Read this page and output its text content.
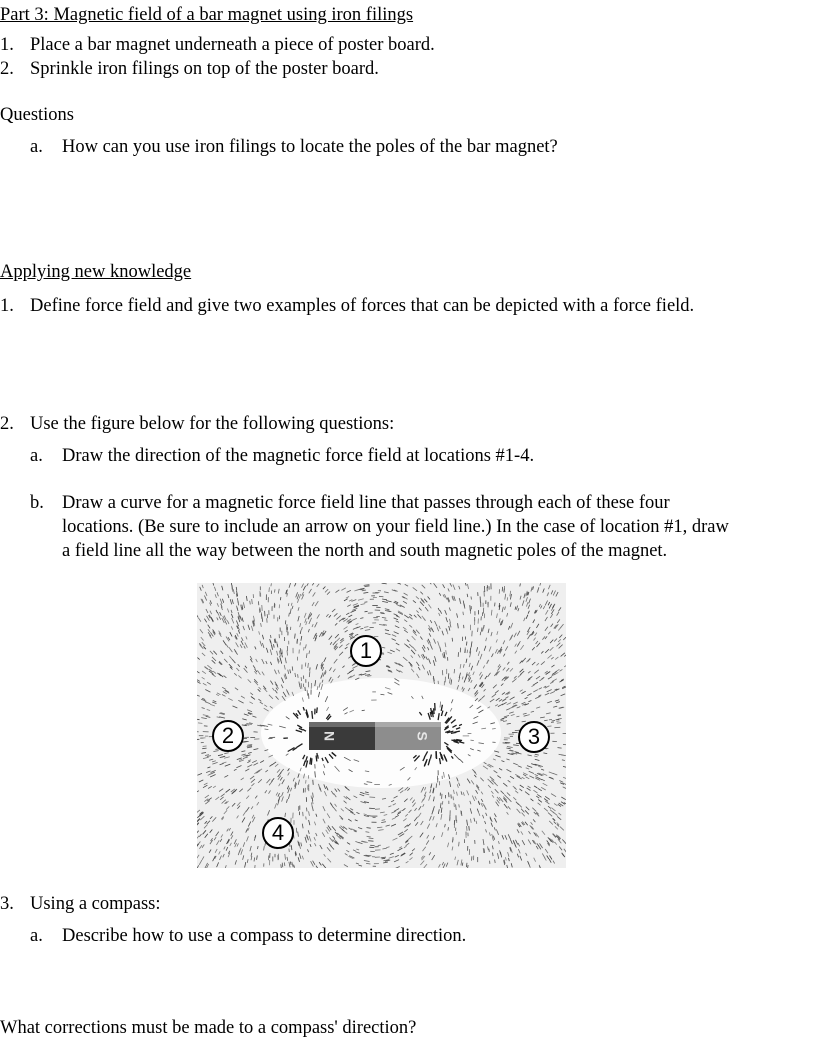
Part 3: Magnetic field of a bar magnet using iron filings
1. Place a bar magnet underneath a piece of poster board.
2. Sprinkle iron filings on top of the poster board.
Questions
a. How can you use iron filings to locate the poles of the bar magnet?
Applying new knowledge
1. Define force field and give two examples of forces that can be depicted with a force field.
2. Use the figure below for the following questions:
a. Draw the direction of the magnetic force field at locations #1-4.
b. Draw a curve for a magnetic force field line that passes through each of these four
locations. (Be sure to include an arrow on your field line.) In the case of location #1, draw
a field line all the way between the north and south magnetic poles of the magnet.
N	S
1
2	3
4
3. Using a compass:
a. Describe how to use a compass to determine direction.
What corrections must be made to a compass' direction?
